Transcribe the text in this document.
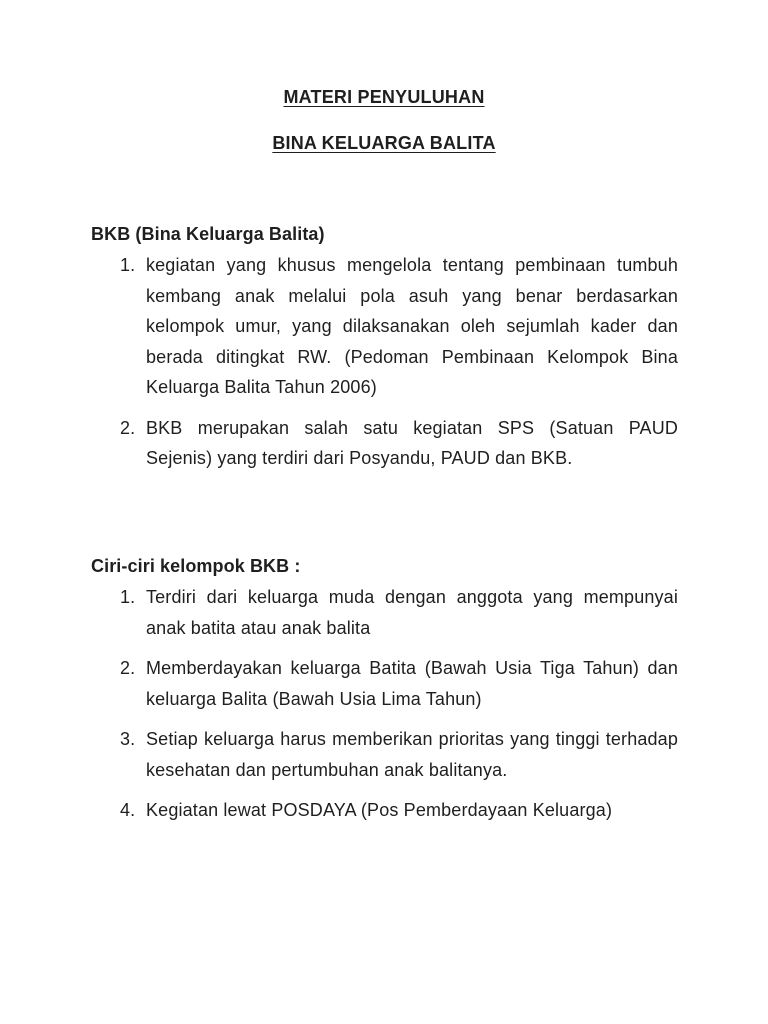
MATERI PENYULUHAN
BINA KELUARGA BALITA
BKB (Bina Keluarga Balita)
1. kegiatan yang khusus mengelola tentang pembinaan tumbuh kembang anak melalui pola asuh yang benar berdasarkan kelompok umur, yang dilaksanakan oleh sejumlah kader dan berada ditingkat RW. (Pedoman Pembinaan Kelompok Bina Keluarga Balita Tahun 2006)
2. BKB merupakan salah satu kegiatan SPS (Satuan PAUD Sejenis) yang terdiri dari Posyandu, PAUD dan BKB.
Ciri-ciri kelompok BKB :
1. Terdiri dari keluarga muda dengan anggota yang mempunyai anak batita atau anak balita
2. Memberdayakan keluarga Batita (Bawah Usia Tiga Tahun) dan keluarga Balita (Bawah Usia Lima Tahun)
3. Setiap keluarga harus memberikan prioritas yang tinggi terhadap kesehatan dan pertumbuhan anak balitanya.
4. Kegiatan lewat POSDAYA (Pos Pemberdayaan Keluarga)
